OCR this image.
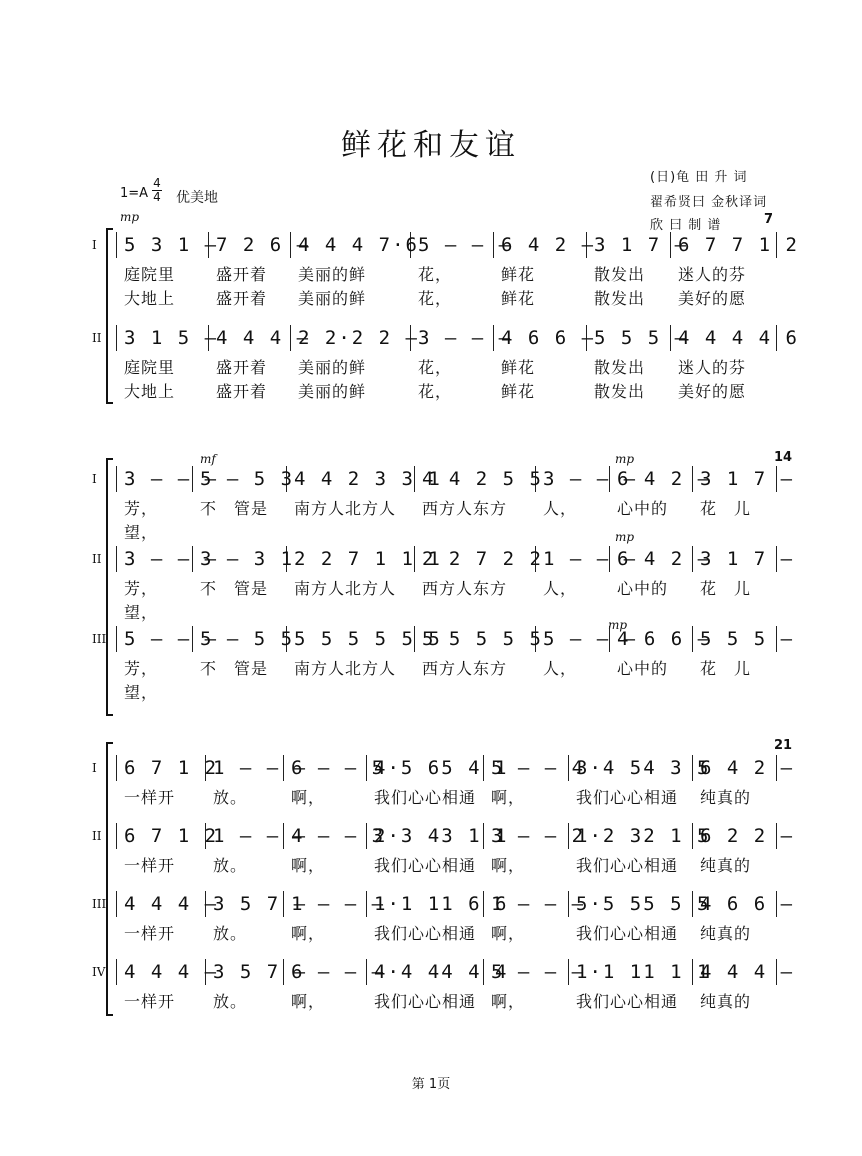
鲜花和友谊
(日)龟 田 升 词
翟希贤曰 金秋译词
欣 曰 制 谱
1=A
4
4 优美地
mp
mf	mp
mp
mp
7
14
21
I 5 3 1 –
7 2 6 –
4 4 4 7·6 5 – – –
6 4 2 –
3 1 7 –
6 7 7 1 2
庭院里	盛开着 美丽的鲜	花，	鲜花	散发出 迷人的芬
大地上	盛开着 美丽的鲜	花，	鲜花	散发出 美好的愿
II 3 1 5 –
4 4 4 –
2 2·2 2 – 3 – – –
4 6 6 –
5 5 5 –
4 4 4 4 6
庭院里	盛开着 美丽的鲜	花，	鲜花	散发出 迷人的芬
大地上	盛开着 美丽的鲜	花，	鲜花	散发出 美好的愿
I 3 – – –
5 – 5 3 4 4 2 3 3 1
4 4 2 5 5 3 – – –
6 4 2 –
3 1 7 –
芳，	不　管是 南方人北方人 西方人东方 人， 心中的 花　儿
望，
II 3 – – –
3 – 3 1 2 2 7 1 1 1
2 2 7 2 2 1 – – –
6 4 2 –
3 1 7 –
芳，	不　管是 南方人北方人 西方人东方 人， 心中的 花　儿
望，
III 5 – – –
5 – 5 5 5 5 5 5 5 5
5 5 5 5 5 5 – – –
4 6 6 –
5 5 5 –
芳，	不　管是 南方人北方人 西方人东方 人， 心中的 花　儿
望，
I 6 7 1 2
1 – – –
6 – – 5
4·5 65 4 1
5 – – 4
3·4 54 3 5
6 4 2 –
一样开 放。	啊，	我们心心相通 啊，	我们心心相通 纯真的
II 6 7 1 2
1 – – –
4 – – 3
2·3 43 1 1
3 – – 2
1·2 32 1 5
6 2 2 –
一样开 放。	啊，	我们心心相通 啊，	我们心心相通 纯真的
III 4 4 4 –
3 5 7 –
1 – – –
1·1 11 6 6
1 – – –
5·5 55 5 5
4 6 6 –
一样开 放。	啊，	我们心心相通 啊，	我们心心相通 纯真的
IV 4 4 4 –
3 5 7 –
6 – – –
4·4 44 4 4
5 – – –
1·1 11 1 1
4 4 4 –
一样开 放。	啊，	我们心心相通 啊，	我们心心相通 纯真的
第 1页
